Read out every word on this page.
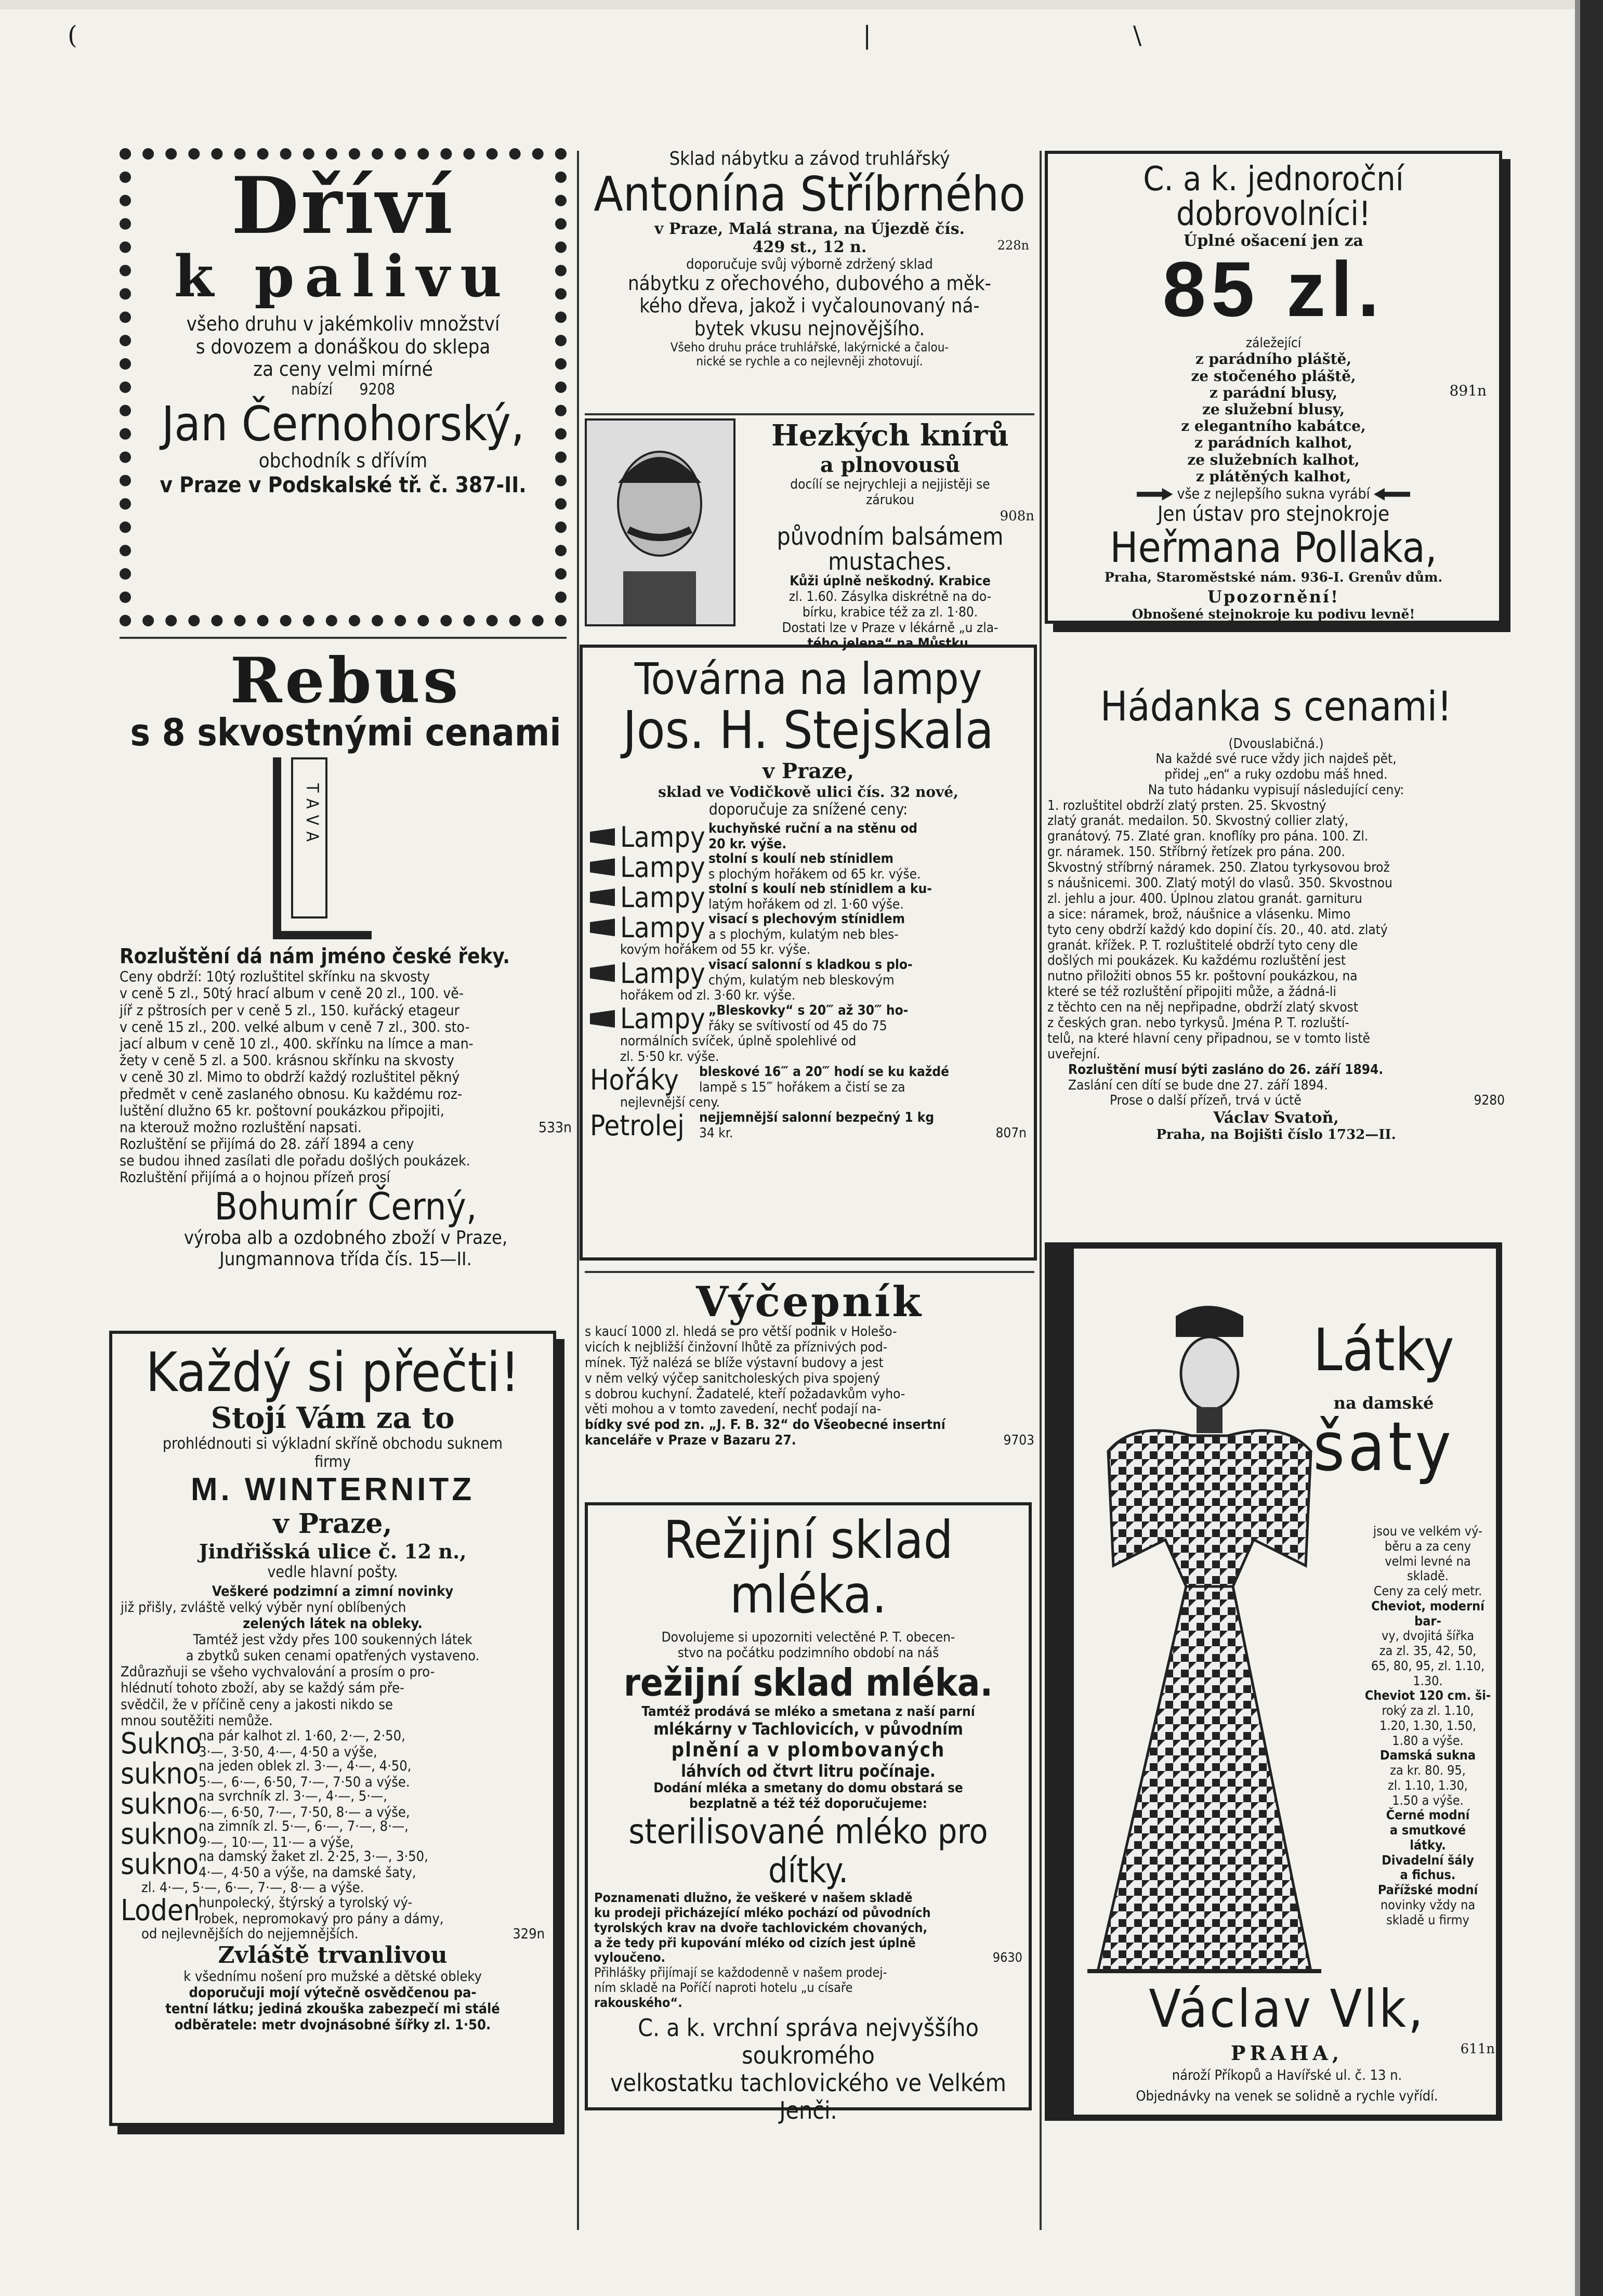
(	|	\
Dříví
k palivu

všeho druhu v jakémkoliv množství

s dovozem a donáškou do sklepa

za ceny velmi mírné

nabízí 9208

Jan Černohorský,
obchodník s dřívím
v Praze v Podskalské tř. č. 387-II.
Rebus
s 8 skvostnými cenami
TAVA
Rozluštění dá nám jméno české řeky.

Ceny obdrží: 10tý rozluštitel skřínku na skvosty

v ceně 5 zl., 50tý hrací album v ceně 20 zl., 100. vě-

jíř z pštrosích per v ceně 5 zl., 150. kuřácký etageur

v ceně 15 zl., 200. velké album v ceně 7 zl., 300. sto-

jací album v ceně 10 zl., 400. skřínku na límce a man-

žety v ceně 5 zl. a 500. krásnou skřínku na skvosty

v ceně 30 zl. Mimo to obdrží každý rozluštitel pěkný

předmět v ceně zaslaného obnosu. Ku každému roz-

luštění dlužno 65 kr. poštovní poukázkou připojiti,

na kterouž možno rozluštění napsati.	533n

Rozluštění se přijímá do 28. září 1894 a ceny

se budou ihned zasílati dle pořadu došlých poukázek.

Rozluštění přijímá a o hojnou přízeň prosí

Bohumír Černý,
výroba alb a ozdobného zboží v Praze,
Jungmannova třída čís. 15—II.
Každý si přečti!
Stojí Vám za to

prohlédnouti si výkladní skříně obchodu suknem

firmy

M. WINTERNITZ
v Praze,
Jindřišská ulice č. 12 n.,
vedle hlavní pošty.

Veškeré podzimní a zimní novinky

již přišly, zvláště velký výběr nyní oblíbených

zelených látek na obleky.

Tamtéž jest vždy přes 100 soukenných látek

a zbytků suken cenami opatřených vystaveno.

Zdůrazňuji se všeho vychvalování a prosím o pro-

hlédnutí tohoto zboží, aby se každý sám pře-

svědčil, že v příčině ceny a jakosti nikdo se

mnou soutěžiti nemůže.

Sukno

na pár kalhot zl. 1·60, 2·—, 2·50,

3·—, 3·50, 4·—, 4·50 a výše,

sukno na jeden oblek zl. 3·—, 4·—, 4·50,

5·—, 6·—, 6·50, 7·—, 7·50 a výše.

sukno na svrchník zl. 3·—, 4·—, 5·—,

6·—, 6·50, 7·—, 7·50, 8·— a výše,

sukno na zimník zl. 5·—, 6·—, 7·—, 8·—,

9·—, 10·—, 11·— a výše,

sukno na damský žaket zl. 2·25, 3·—, 3·50,

4·—, 4·50 a výše, na damské šaty,

zl. 4·—, 5·—, 6·—, 7·—, 8·— a výše.

Loden

hunpolecký, štýrský a tyrolský vý-

robek, nepromokavý pro pány a dámy,

od nejlevnějších do nejjemnějších.	329n

Zvláště trvanlivou

k všednímu nošení pro mužské a dětské obleky

doporučuji mojí výtečně osvědčenou pa-

tentní látku; jediná zkouška zabezpečí mi stálé

odběratele: metr dvojnásobné šířky zl. 1·50.

Sklad nábytku a závod truhlářský
Antonína Stříbrného
v Praze, Malá strana, na Újezdě čís.
429 st., 12 n.	228n

doporučuje svůj výborně zdržený sklad

nábytku z ořechového, dubového a měk-

kého dřeva, jakož i vyčalounovaný ná-

bytek vkusu nejnovějšího.

Všeho druhu práce truhlářské, lakýrnické a čalou-

nické se rychle a co nejlevněji zhotovují.

Hezkých knírů
a plnovousů

docílí se nejrychleji a nejjistěji se

zárukou

908n
původním balsámem mustaches.

Kůži úplně neškodný. Krabice

zl. 1.60. Zásylka diskrétně na do-

bírku, krabice též za zl. 1·80.

Dostati lze v Praze v lékárně „u zla-

tého jelena“ na Můstku.

Továrna na lampy
Jos. H. Stejskala
v Praze,
sklad ve Vodičkově ulici čís. 32 nové,
doporučuje za snížené ceny:
Lampy kuchyňské ruční a na stěnu od

20 kr. výše.

Lampy stolní s koulí neb stínidlem

s plochým hořákem od 65 kr. výše.

Lampy stolní s koulí neb stínidlem a ku-

latým hořákem od zl. 1·60 výše.

Lampy visací s plechovým stínidlem

a s plochým, kulatým neb bles-

kovým hořákem od 55 kr. výše.

Lampy visací salonní s kladkou s plo-

chým, kulatým neb bleskovým

hořákem od zl. 3·60 kr. výše.

Lampy „Bleskovky“ s 20‴ až 30‴ ho-

řáky se svítivostí od 45 do 75

normálních svíček, úplně spolehlivé od

zl. 5·50 kr. výše.

Hořáky	bleskové 16‴ a 20‴ hodí se ku každé

lampě s 15‴ hořákem a čistí se za

nejlevnější ceny.

Petrolej	nejjemnější salonní bezpečný 1 kg

34 kr.	807n
Výčepník

s kaucí 1000 zl. hledá se pro větší podnik v Holešo-

vicích k nejbližší činžovní lhůtě za příznivých pod-

mínek. Týž nalézá se blíže výstavní budovy a jest

v něm velký výčep sanitcholeských piva spojený

s dobrou kuchyní. Žadatelé, kteří požadavkům vyho-

věti mohou a v tomto zavedení, nechť podají na-

bídky své pod zn. „J. F. B. 32“ do Všeobecné insertní

kanceláře v Praze v Bazaru 27.	9703

Režijní sklad mléka.

Dovolujeme si upozorniti velectěné P. T. obecen-

stvo na počátku podzimního období na náš

režijní sklad mléka.

Tamtéž prodává se mléko a smetana z naší parní

mlékárny v Tachlovicích, v původním

plnění a v plombovaných

láhvích od čtvrt litru počínaje.

Dodání mléka a smetany do domu obstará se

bezplatně a též též doporučujeme:

sterilisované mléko pro dítky.

Poznamenati dlužno, že veškeré v našem skladě

ku prodeji přicházející mléko pochází od původních

tyrolských krav na dvoře tachlovickém chovaných,

a že tedy při kupování mléko od cizích jest úplně

vyloučeno.	9630

Přihlášky přijímají se každodenně v našem prodej-

ním skladě na Poříčí naproti hotelu „u císaře

rakouského“.

C. a k. vrchní správa nejvyššího soukromého

velkostatku tachlovického ve Velkém Jenči.

C. a k. jednoroční dobrovolníci!
Úplné ošacení jen za
85 zl.
záležející

z parádního pláště,

ze stočeného pláště,

z parádní blusy,

ze služební blusy,

z elegantního kabátce,

z parádních kalhot,

ze služebních kalhot,

z plátěných kalhot,

891n
vše z nejlepšího sukna vyrábí
Jen ústav pro stejnokroje
Heřmana Pollaka,
Praha, Staroměstské nám. 936-I. Grenův dům.
Upozornění!
Obnošené stejnokroje ku podivu levně!
Hádanka s cenami!
(Dvouslabičná.)

Na každé své ruce vždy jich najdeš pět,

přidej „en“ a ruky ozdobu máš hned.

Na tuto hádanku vypisují následující ceny:

1. rozluštitel obdrží zlatý prsten. 25. Skvostný

zlatý granát. medailon. 50. Skvostný collier zlatý,

granátový. 75. Zlaté gran. knoflíky pro pána. 100. Zl.

gr. náramek. 150. Stříbrný řetízek pro pána. 200.

Skvostný stříbrný náramek. 250. Zlatou tyrkysovou brož

s náušnicemi. 300. Zlatý motýl do vlasů. 350. Skvostnou

zl. jehlu a jour. 400. Úplnou zlatou granát. garnituru

a sice: náramek, brož, náušnice a vlásenku. Mimo

tyto ceny obdrží každý kdo dopiní čís. 20., 40. atd. zlatý

granát. křížek. P. T. rozluštitelé obdrží tyto ceny dle

došlých mi poukázek. Ku každému rozluštění jest

nutno přiložiti obnos 55 kr. poštovní poukázkou, na

které se též rozluštění připojiti může, a žádná-li

z těchto cen na něj nepřipadne, obdrží zlatý skvost

z českých gran. nebo tyrkysů. Jména P. T. rozluští-

telů, na které hlavní ceny připadnou, se v tomto listě

uveřejní.

Rozluštění musí býti zasláno do 26. září 1894.

Zaslání cen dítí se bude dne 27. září 1894.

Prose o další přízeň, trvá v úctě	9280

Václav Svatoň,
Praha, na Bojišti číslo 1732—II.
Látky
na damské
šaty

jsou ve velkém vý-

běru a za ceny

velmi levné na

skladě.

Ceny za celý metr.

Cheviot, moderní bar-

vy, dvojitá šířka

za zl. 35, 42, 50,

65, 80, 95, zl. 1.10,

1.30.

Cheviot 120 cm. ši-

roký za zl. 1.10,

1.20, 1.30, 1.50,

1.80 a výše.

Damská sukna

za kr. 80. 95,

zl. 1.10, 1.30,

1.50 a výše.

Černé modní

a smutkové

látky.

Divadelní šály

a fichus.

Pařížské modní

novinky vždy na

skladě u firmy

Václav Vlk,
PRAHA,	611n
nároží Příkopů a Havířské ul. č. 13 n.
Objednávky na venek se solidně a rychle vyřídí.
